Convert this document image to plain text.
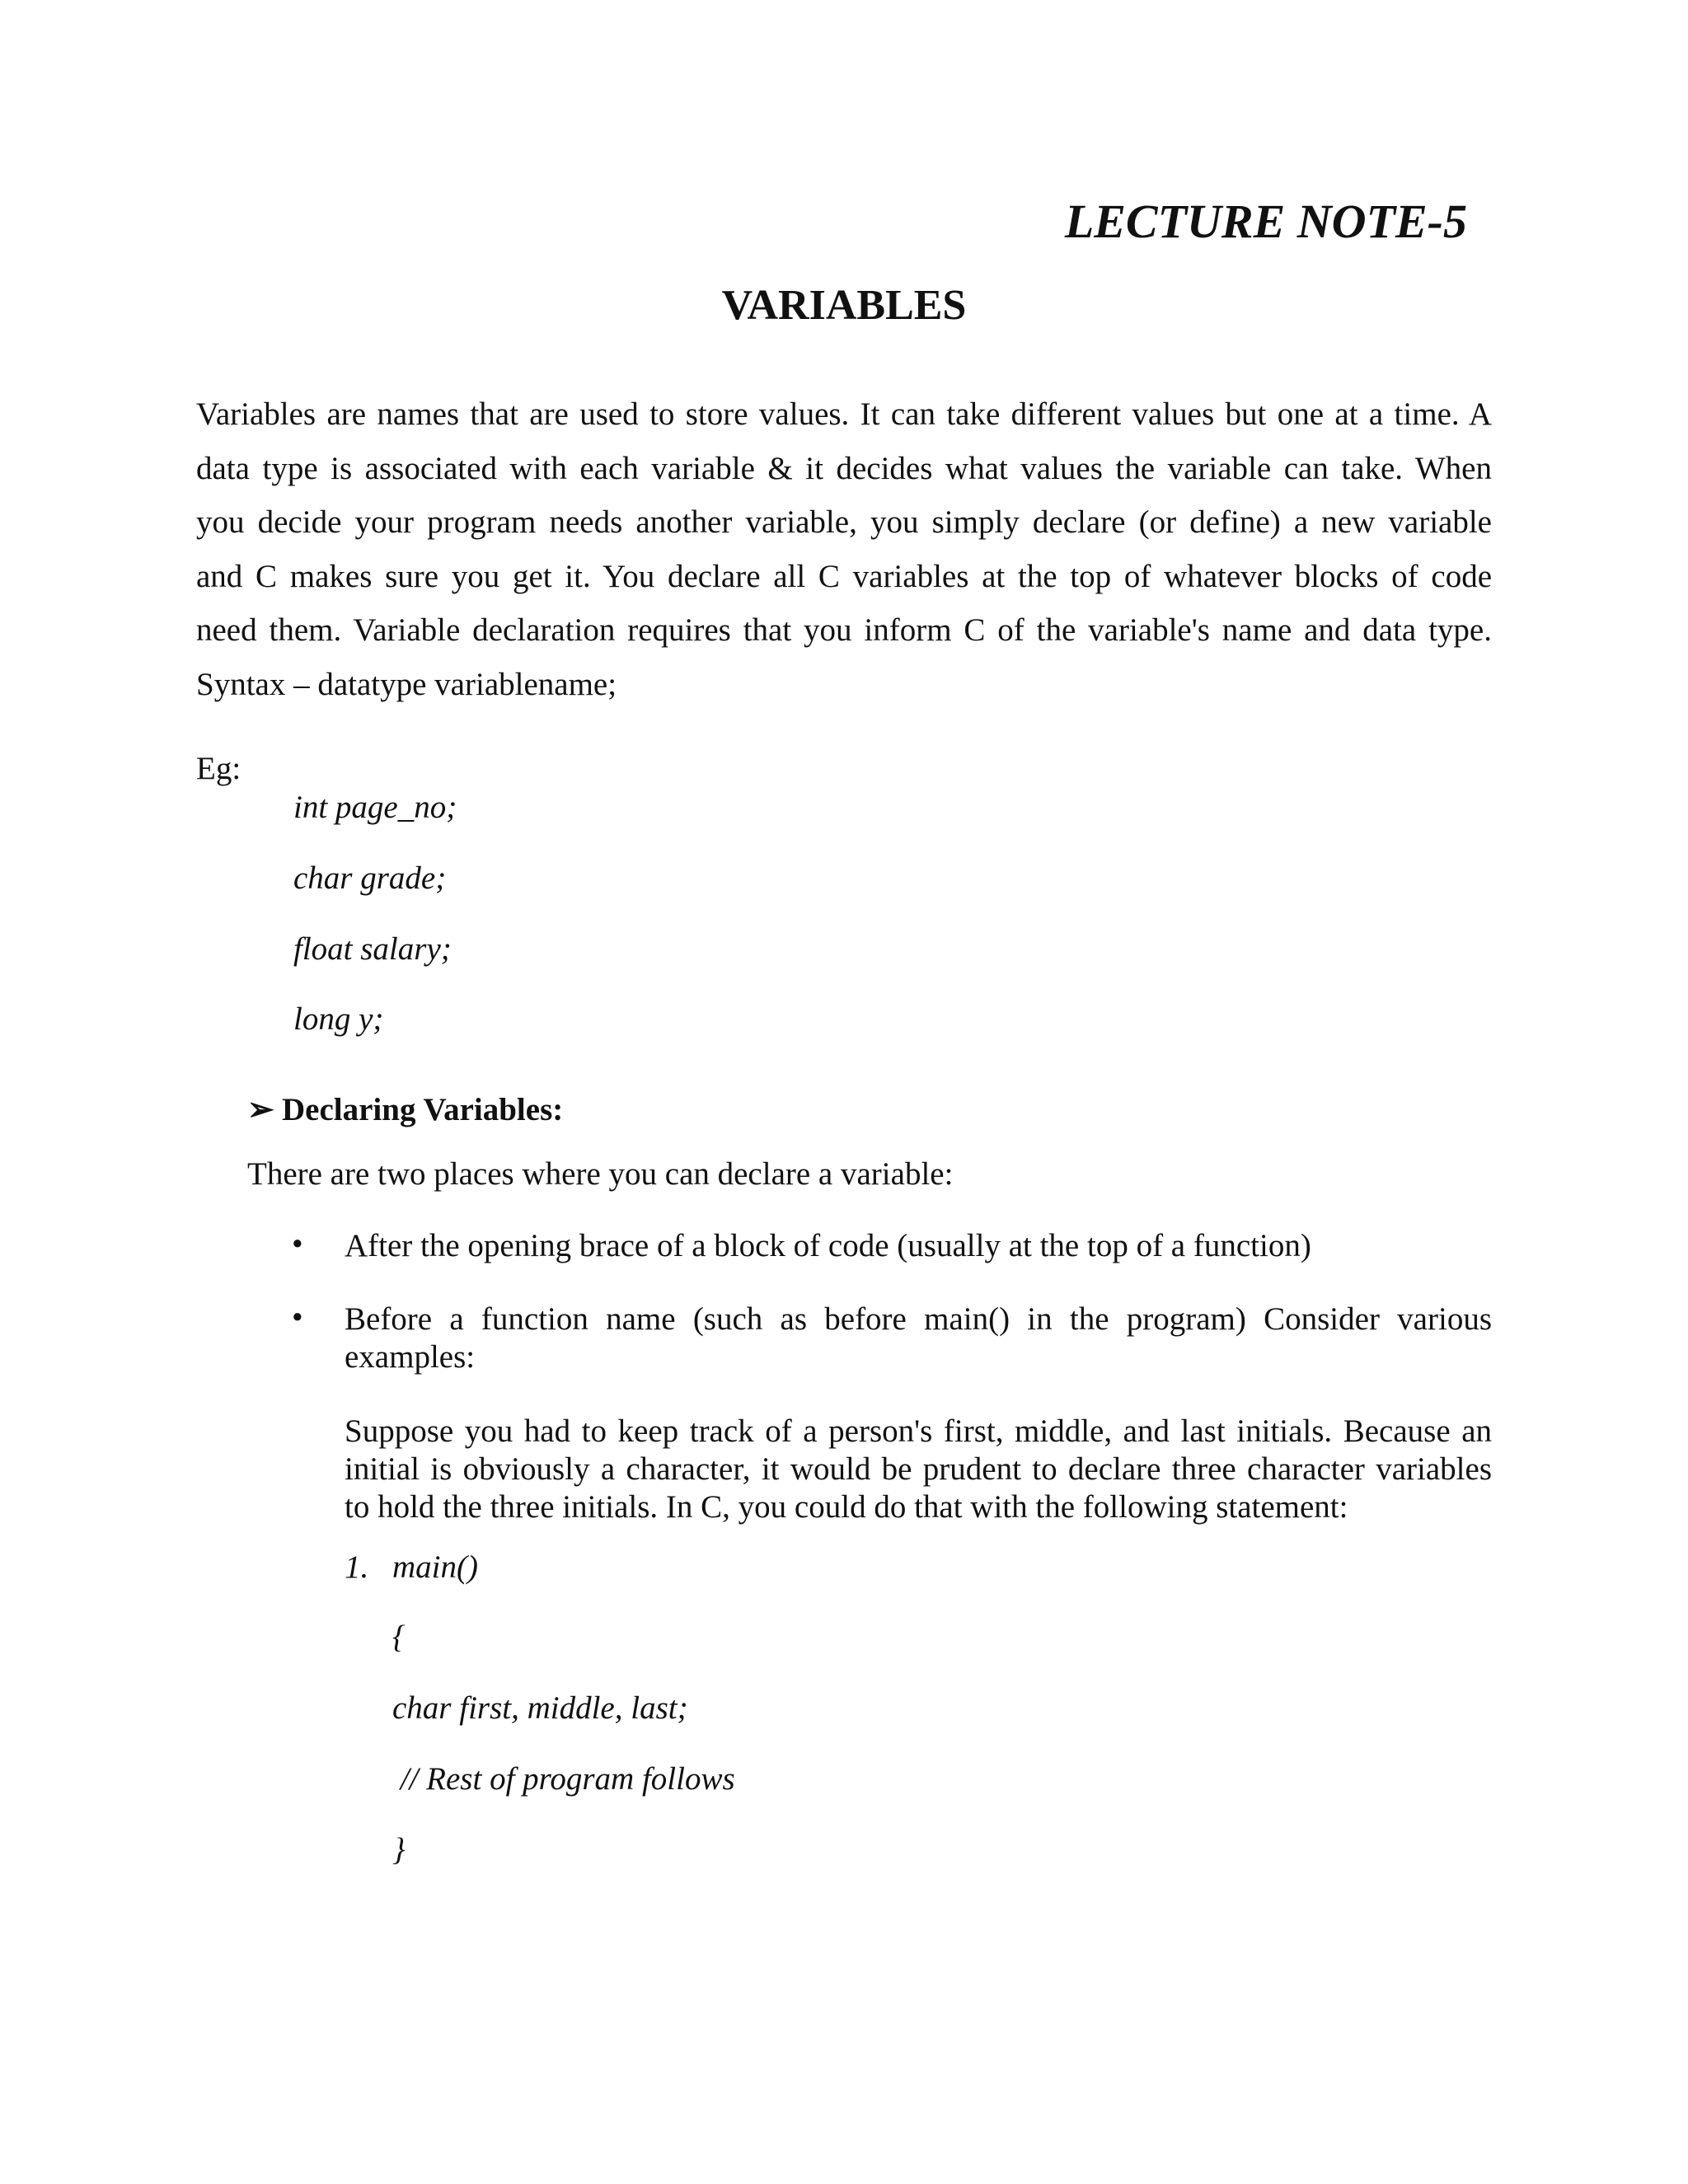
LECTURE NOTE-5
VARIABLES
Variables are names that are used to store values. It can take different values but one at a time. A
data type is associated with each variable & it decides what values the variable can take. When
you decide your program needs another variable, you simply declare (or define) a new variable
and C makes sure you get it. You declare all C variables at the top of whatever blocks of code
need them. Variable declaration requires that you inform C of the variable's name and data type.
Syntax – datatype variablename;
Eg:
int page_no;
char grade;
float salary;
long y;
➢ Declaring Variables:
There are two places where you can declare a variable:
• After the opening brace of a block of code (usually at the top of a function)
• Before a function name (such as before main() in the program) Consider various
examples:
Suppose you had to keep track of a person's first, middle, and last initials. Because an
initial is obviously a character, it would be prudent to declare three character variables
to hold the three initials. In C, you could do that with the following statement:
1. main()
{
char first, middle, last;
// Rest of program follows
}
